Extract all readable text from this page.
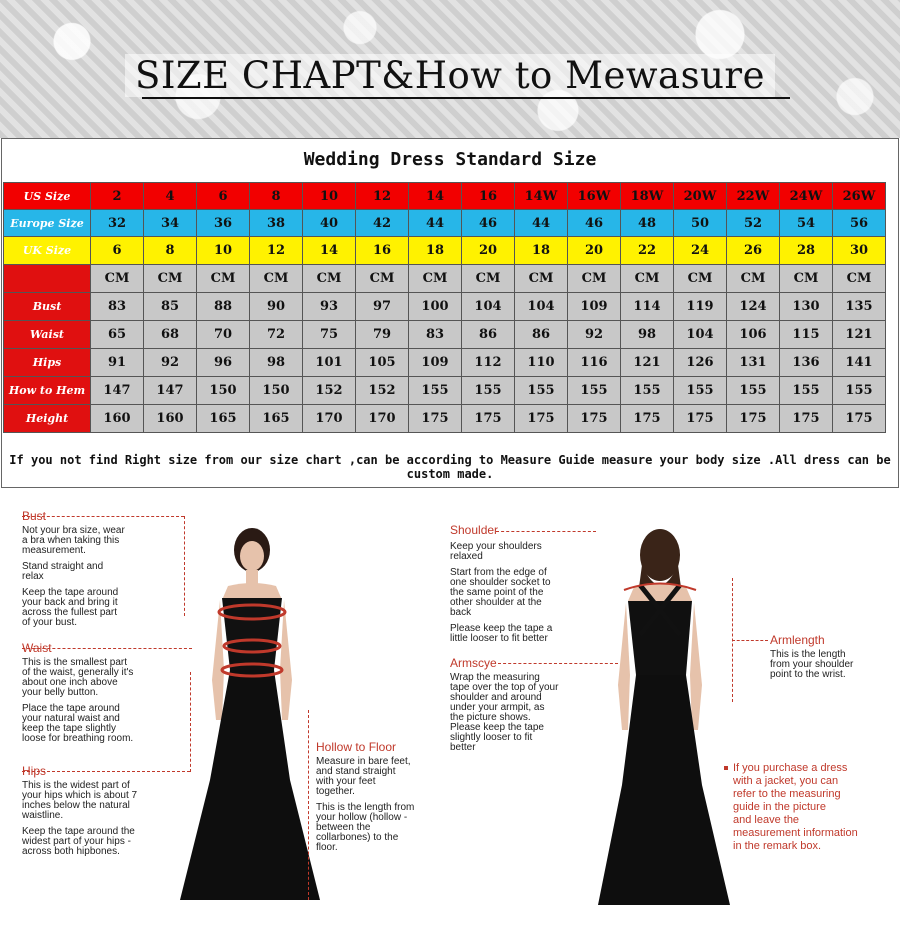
SIZE CHAPT&How to Mewasure
Wedding Dress Standard Size
US Size	2	4	6	8	10	12	14	16	14W	16W	18W	20W	22W	24W	26W
Europe Size	32	34	36	38	40	42	44	46	44	46	48	50	52	54	56
UK Size	6	8	10	12	14	16	18	20	18	20	22	24	26	28	30
	CM	CM	CM	CM	CM	CM	CM	CM	CM	CM	CM	CM	CM	CM	CM
Bust	83	85	88	90	93	97	100	104	104	109	114	119	124	130	135
Waist	65	68	70	72	75	79	83	86	86	92	98	104	106	115	121
Hips	91	92	96	98	101	105	109	112	110	116	121	126	131	136	141
How to Hem	147	147	150	150	152	152	155	155	155	155	155	155	155	155	155
Height	160	160	165	165	170	170	175	175	175	175	175	175	175	175	175
If you not find Right size from our size chart ,can be according to Measure Guide measure your body size .All dress can be custom made.
Bust
Not your bra size, wear
a bra when taking this
measurement.
Stand straight and
relax
Keep the tape around
your back and bring it
across the fullest part
of your bust.
Waist
This is the smallest part
of the waist, generally it's
about one inch above
your belly button.
Place the tape around
your natural waist and
keep the tape slightly
loose for breathing room.
Hips
This is the widest part of
your hips which is about 7
inches below the natural
waistline.
Keep the tape around the
widest part of your hips -
across both hipbones.
Hollow to Floor
Measure in bare feet,
and stand straight
with your feet
together.
This is the length from
your hollow (hollow -
between the
collarbones) to the
floor.
Shoulder
Keep your shoulders
relaxed
Start from the edge of
one shoulder socket to
the same point of the
other shoulder at the
back
Please keep the tape a
little looser to fit better
Armscye
Wrap the measuring
tape over the top of your
shoulder and around
under your armpit, as
the picture shows.
Please keep the tape
slightly looser to fit
better
Armlength
This is the length
from your shoulder
point to the wrist.
If you purchase a dress
with a jacket, you can
refer to the measuring
guide in the picture
and leave the
measurement information
in the remark box.
